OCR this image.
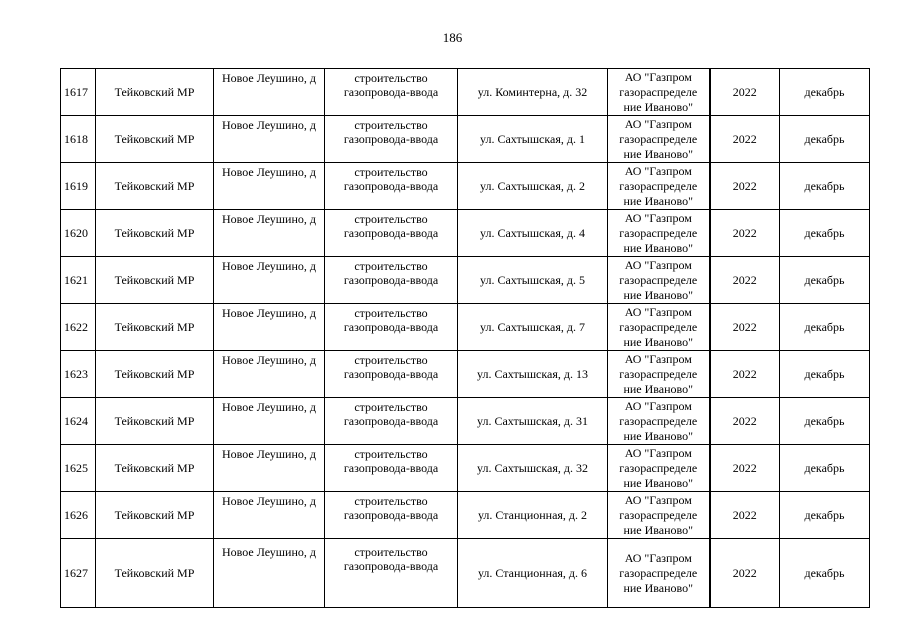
186
1617	Тейковский МР	Новое Леушино, д	строительство газопровода-ввода	ул. Коминтерна, д. 32	АО "Газпром газораспределе ние Иваново"	2022	декабрь
1618	Тейковский МР	Новое Леушино, д	строительство газопровода-ввода	ул. Сахтышская, д. 1	АО "Газпром газораспределе ние Иваново"	2022	декабрь
1619	Тейковский МР	Новое Леушино, д	строительство газопровода-ввода	ул. Сахтышская, д. 2	АО "Газпром газораспределе ние Иваново"	2022	декабрь
1620	Тейковский МР	Новое Леушино, д	строительство газопровода-ввода	ул. Сахтышская, д. 4	АО "Газпром газораспределе ние Иваново"	2022	декабрь
1621	Тейковский МР	Новое Леушино, д	строительство газопровода-ввода	ул. Сахтышская, д. 5	АО "Газпром газораспределе ние Иваново"	2022	декабрь
1622	Тейковский МР	Новое Леушино, д	строительство газопровода-ввода	ул. Сахтышская, д. 7	АО "Газпром газораспределе ние Иваново"	2022	декабрь
1623	Тейковский МР	Новое Леушино, д	строительство газопровода-ввода	ул. Сахтышская, д. 13	АО "Газпром газораспределе ние Иваново"	2022	декабрь
1624	Тейковский МР	Новое Леушино, д	строительство газопровода-ввода	ул. Сахтышская, д. 31	АО "Газпром газораспределе ние Иваново"	2022	декабрь
1625	Тейковский МР	Новое Леушино, д	строительство газопровода-ввода	ул. Сахтышская, д. 32	АО "Газпром газораспределе ние Иваново"	2022	декабрь
1626	Тейковский МР	Новое Леушино, д	строительство газопровода-ввода	ул. Станционная, д. 2	АО "Газпром газораспределе ние Иваново"	2022	декабрь
1627	Тейковский МР	Новое Леушино, д	строительство газопровода-ввода	ул. Станционная, д. 6	АО "Газпром газораспределе ние Иваново"	2022	декабрь
